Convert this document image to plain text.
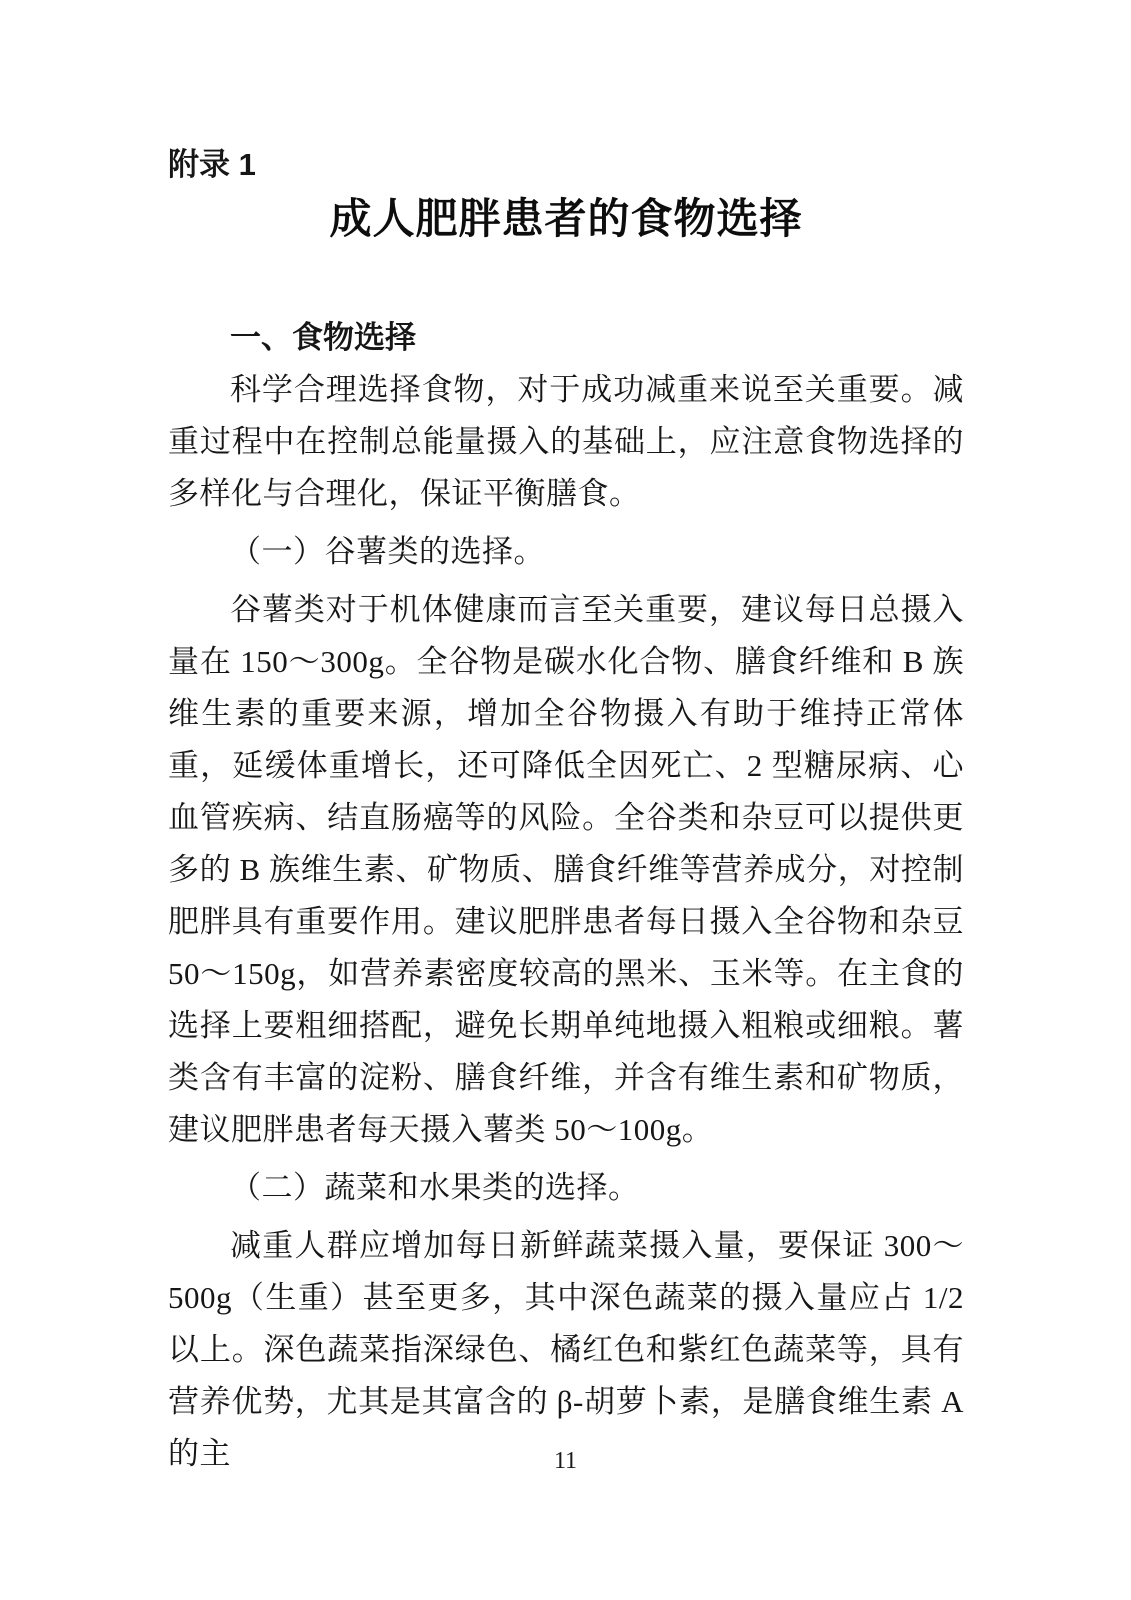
附录 1
成人肥胖患者的食物选择
一、食物选择

科学合理选择食物，对于成功减重来说至关重要。减重过程中在控制总能量摄入的基础上，应注意食物选择的多样化与合理化，保证平衡膳食。

（一）谷薯类的选择。

谷薯类对于机体健康而言至关重要，建议每日总摄入量在 150～300g。全谷物是碳水化合物、膳食纤维和 B 族维生素的重要来源，增加全谷物摄入有助于维持正常体重，延缓体重增长，还可降低全因死亡、2 型糖尿病、心血管疾病、结直肠癌等的风险。全谷类和杂豆可以提供更多的 B 族维生素、矿物质、膳食纤维等营养成分，对控制肥胖具有重要作用。建议肥胖患者每日摄入全谷物和杂豆 50～150g，如营养素密度较高的黑米、玉米等。在主食的选择上要粗细搭配，避免长期单纯地摄入粗粮或细粮。薯类含有丰富的淀粉、膳食纤维，并含有维生素和矿物质，建议肥胖患者每天摄入薯类 50～100g。

（二）蔬菜和水果类的选择。

减重人群应增加每日新鲜蔬菜摄入量，要保证 300～500g（生重）甚至更多，其中深色蔬菜的摄入量应占 1/2 以上。深色蔬菜指深绿色、橘红色和紫红色蔬菜等，具有营养优势，尤其是其富含的 β-胡萝卜素，是膳食维生素 A 的主	11
